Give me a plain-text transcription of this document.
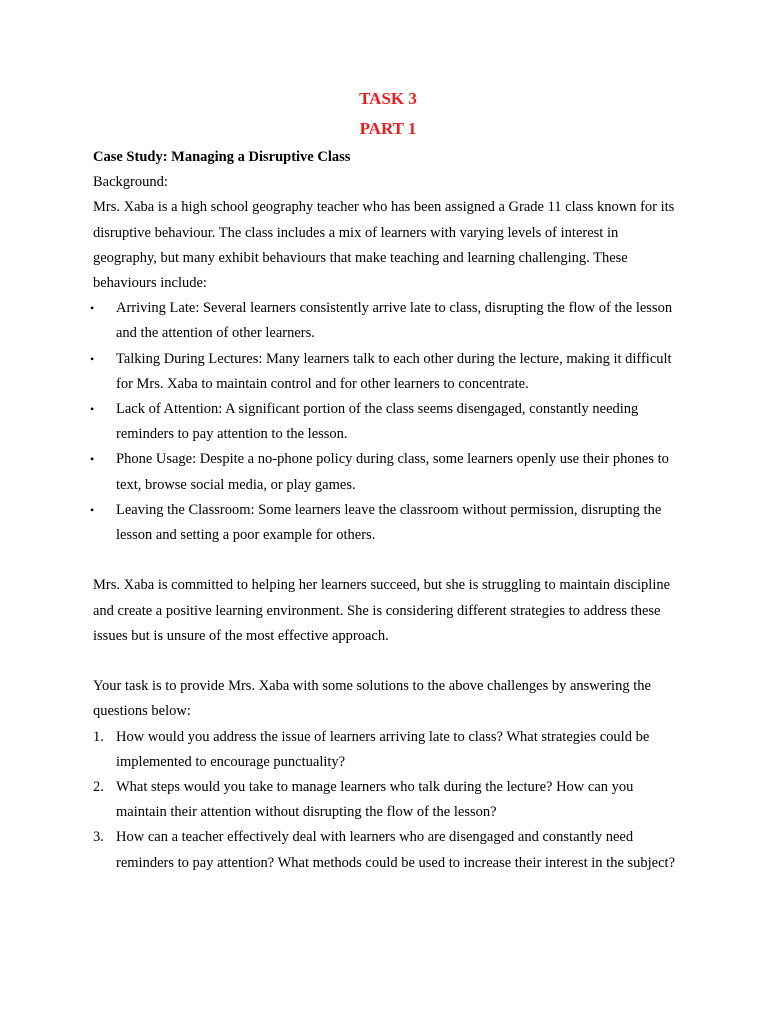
TASK 3
PART 1
Case Study: Managing a Disruptive Class
Background:

Mrs. Xaba is a high school geography teacher who has been assigned a Grade 11 class known for its disruptive behaviour. The class includes a mix of learners with varying levels of interest in geography, but many exhibit behaviours that make teaching and learning challenging. These behaviours include:

•	Arriving Late: Several learners consistently arrive late to class, disrupting the flow of the lesson and the attention of other learners.
•	Talking During Lectures: Many learners talk to each other during the lecture, making it difficult for Mrs. Xaba to maintain control and for other learners to concentrate.
•	Lack of Attention: A significant portion of the class seems disengaged, constantly needing reminders to pay attention to the lesson.
•	Phone Usage: Despite a no-phone policy during class, some learners openly use their phones to text, browse social media, or play games.
•	Leaving the Classroom: Some learners leave the classroom without permission, disrupting the lesson and setting a poor example for others.

Mrs. Xaba is committed to helping her learners succeed, but she is struggling to maintain discipline and create a positive learning environment. She is considering different strategies to address these issues but is unsure of the most effective approach.

Your task is to provide Mrs. Xaba with some solutions to the above challenges by answering the questions below:

1. How would you address the issue of learners arriving late to class? What strategies could be implemented to encourage punctuality?
2. What steps would you take to manage learners who talk during the lecture? How can you maintain their attention without disrupting the flow of the lesson?
3. How can a teacher effectively deal with learners who are disengaged and constantly need reminders to pay attention? What methods could be used to increase their interest in the subject?
